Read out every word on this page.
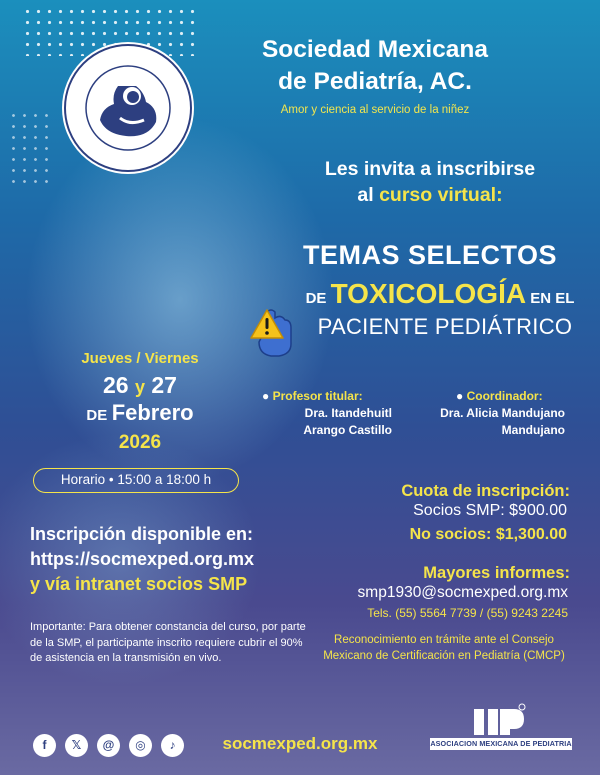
Sociedad Mexicana
de Pediatría, AC.
Amor y ciencia al servicio de la niñez
Les invita a inscribirse
al curso virtual:
TEMAS SELECTOS
DE TOXICOLOGÍA EN EL
PACIENTE PEDIÁTRICO
Jueves / Viernes
26 y 27
DE Febrero
2026
Horario • 15:00 a 18:00 h
● Profesor titular:
Dra. Itandehuitl
Arango Castillo
● Coordinador:
Dra. Alicia Mandujano
Mandujano
Cuota de inscripción:
Socios SMP: $900.00
No socios: $1,300.00
Inscripción disponible en:
https://socmexped.org.mx
y vía intranet socios SMP
Importante: Para obtener constancia del curso, por parte de la SMP, el participante inscrito requiere cubrir el 90% de asistencia en la transmisión en vivo.
Mayores informes:
smp1930@socmexped.org.mx
Tels. (55) 5564 7739 / (55) 9243 2245
Reconocimiento en trámite ante el Consejo Mexicano de Certificación en Pediatría (CMCP)
f	𝕏	@	◎	♪	socmexped.org.mx	ASOCIACION MEXICANA DE PEDIATRIA
